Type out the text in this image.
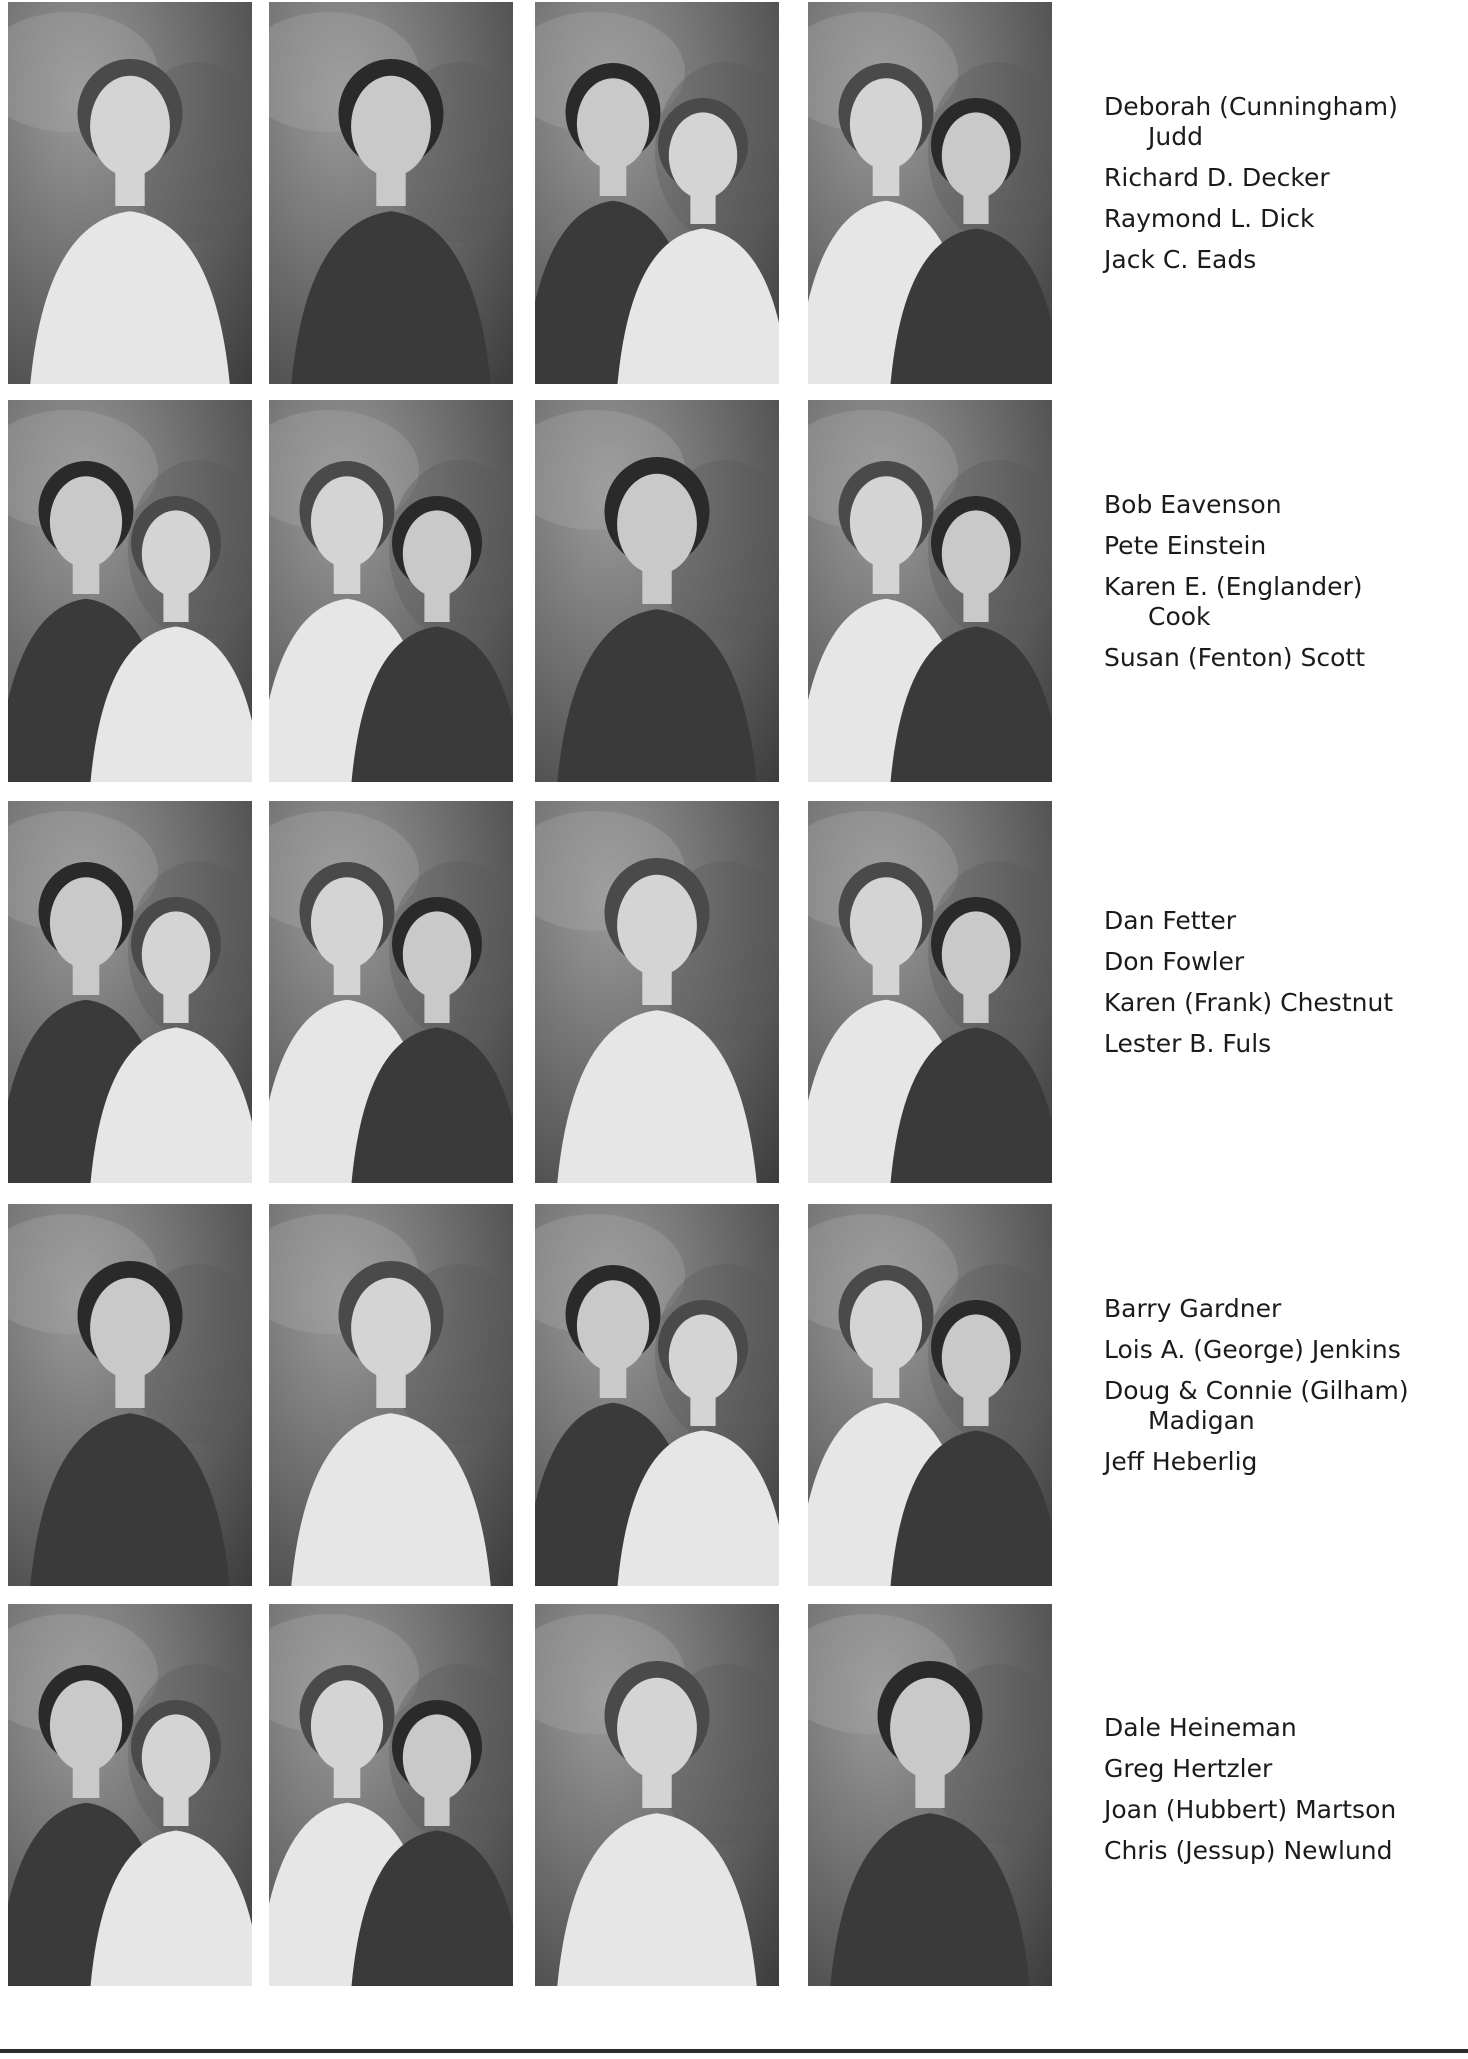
Deborah (Cunningham)
Judd
Richard D. Decker
Raymond L. Dick
Jack C. Eads
Bob Eavenson
Pete Einstein
Karen E. (Englander)
Cook
Susan (Fenton) Scott
Dan Fetter
Don Fowler
Karen (Frank) Chestnut
Lester B. Fuls
Barry Gardner
Lois A. (George) Jenkins
Doug & Connie (Gilham)
Madigan
Jeff Heberlig
Dale Heineman
Greg Hertzler
Joan (Hubbert) Martson
Chris (Jessup) Newlund
